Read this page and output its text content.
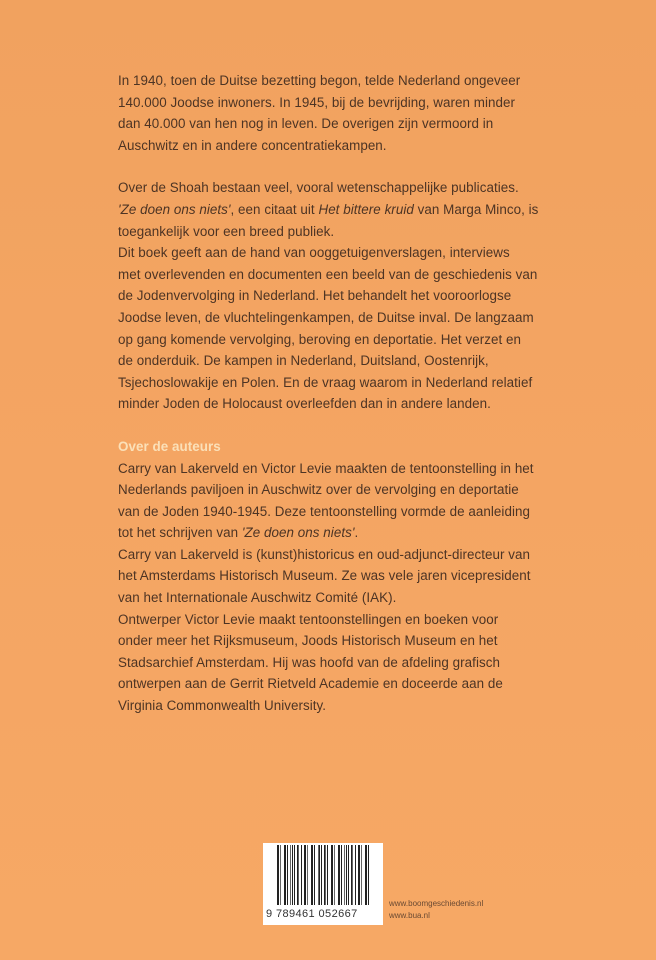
In 1940, toen de Duitse bezetting begon, telde Nederland ongeveer
140.000 Joodse inwoners. In 1945, bij de bevrijding, waren minder
dan 40.000 van hen nog in leven. De overigen zijn vermoord in
Auschwitz en in andere concentratiekampen.

Over de Shoah bestaan veel, vooral wetenschappelijke publicaties.
'Ze doen ons niets', een citaat uit Het bittere kruid van Marga Minco, is
toegankelijk voor een breed publiek.

Dit boek geeft aan de hand van ooggetuigenverslagen, interviews
met overlevenden en documenten een beeld van de geschiedenis van
de Jodenvervolging in Nederland. Het behandelt het vooroorlogse
Joodse leven, de vluchtelingenkampen, de Duitse inval. De langzaam
op gang komende vervolging, beroving en deportatie. Het verzet en
de onderduik. De kampen in Nederland, Duitsland, Oostenrijk,
Tsjechoslowakije en Polen. En de vraag waarom in Nederland relatief
minder Joden de Holocaust overleefden dan in andere landen.

Over de auteurs

Carry van Lakerveld en Victor Levie maakten de tentoonstelling in het
Nederlands paviljoen in Auschwitz over de vervolging en deportatie
van de Joden 1940-1945. Deze tentoonstelling vormde de aanleiding
tot het schrijven van 'Ze doen ons niets'.

Carry van Lakerveld is (kunst)historicus en oud-adjunct-directeur van
het Amsterdams Historisch Museum. Ze was vele jaren vicepresident
van het Internationale Auschwitz Comité (IAK).

Ontwerper Victor Levie maakt tentoonstellingen en boeken voor
onder meer het Rijksmuseum, Joods Historisch Museum en het
Stadsarchief Amsterdam. Hij was hoofd van de afdeling grafisch
ontwerpen aan de Gerrit Rietveld Academie en doceerde aan de
Virginia Commonwealth University.

9 789461 052667 >
www.boomgeschiedenis.nl
www.bua.nl
